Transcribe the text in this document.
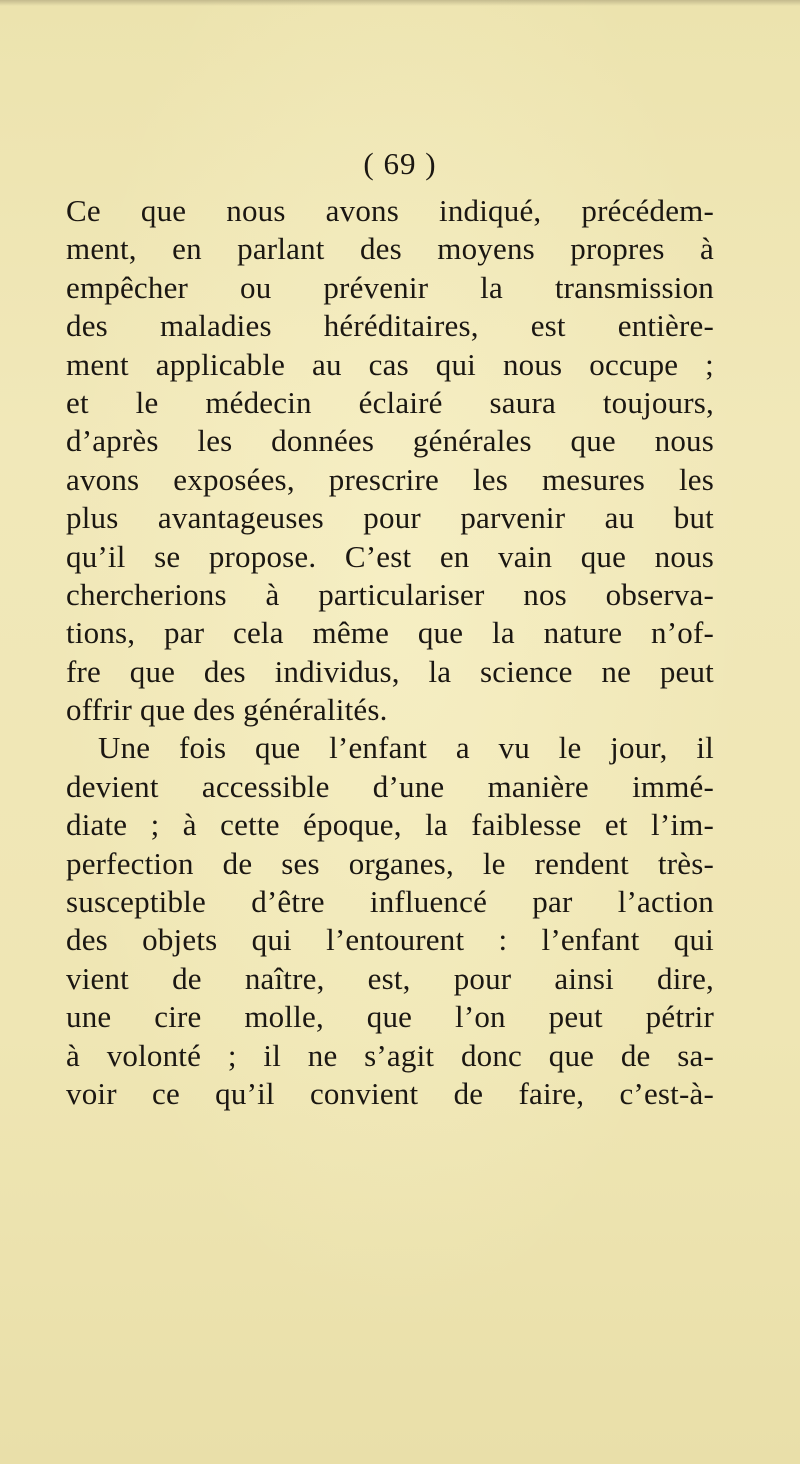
( 69 )
Ce que nous avons indiqué, précédem-
ment, en parlant des moyens propres à
empêcher ou prévenir la transmission
des maladies héréditaires, est entière-
ment applicable au cas qui nous occupe ;
et le médecin éclairé saura toujours,
d’après les données générales que nous
avons exposées, prescrire les mesures les
plus avantageuses pour parvenir au but
qu’il se propose. C’est en vain que nous
chercherions à particulariser nos observa-
tions, par cela même que la nature n’of-
fre que des individus, la science ne peut
offrir que des généralités.
Une fois que l’enfant a vu le jour, il
devient accessible d’une manière immé-
diate ; à cette époque, la faiblesse et l’im-
perfection de ses organes, le rendent très-
susceptible d’être influencé par l’action
des objets qui l’entourent : l’enfant qui
vient de naître, est, pour ainsi dire,
une cire molle, que l’on peut pétrir
à volonté ; il ne s’agit donc que de sa-
voir ce qu’il convient de faire, c’est-à-
